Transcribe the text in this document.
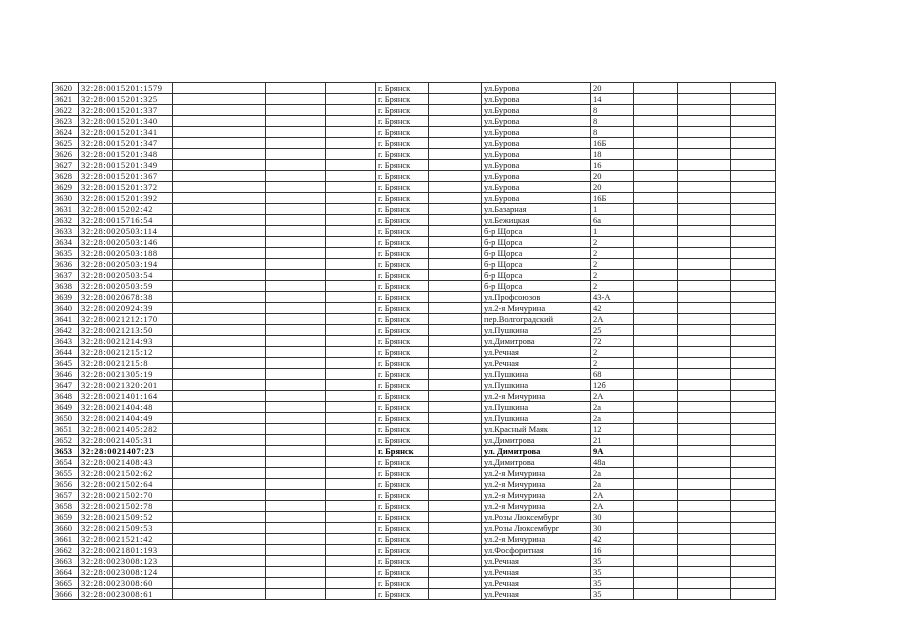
3620	32:28:0015201:1579				г. Брянск		ул.Бурова	20			
3621	32:28:0015201:325				г. Брянск		ул.Бурова	14			
3622	32:28:0015201:337				г. Брянск		ул.Бурова	8			
3623	32:28:0015201:340				г. Брянск		ул.Бурова	8			
3624	32:28:0015201:341				г. Брянск		ул.Бурова	8			
3625	32:28:0015201:347				г. Брянск		ул.Бурова	16Б			
3626	32:28:0015201:348				г. Брянск		ул.Бурова	18			
3627	32:28:0015201:349				г. Брянск		ул.Бурова	16			
3628	32:28:0015201:367				г. Брянск		ул.Бурова	20			
3629	32:28:0015201:372				г. Брянск		ул.Бурова	20			
3630	32:28:0015201:392				г. Брянск		ул.Бурова	16Б			
3631	32:28:0015202:42				г. Брянск		ул.Базарная	1			
3632	32:28:0015716:54				г. Брянск		ул.Бежицкая	6а			
3633	32:28:0020503:114				г. Брянск		б-р Щорса	1			
3634	32:28:0020503:146				г. Брянск		б-р Щорса	2			
3635	32:28:0020503:188				г. Брянск		б-р Щорса	2			
3636	32:28:0020503:194				г. Брянск		б-р Щорса	2			
3637	32:28:0020503:54				г. Брянск		б-р Щорса	2			
3638	32:28:0020503:59				г. Брянск		б-р Щорса	2			
3639	32:28:0020678:38				г. Брянск		ул.Профсоюзов	43-А			
3640	32:28:0020924:39				г. Брянск		ул.2-я Мичурина	42			
3641	32:28:0021212:170				г. Брянск		пер.Волгоградский	2А			
3642	32:28:0021213:50				г. Брянск		ул.Пушкина	25			
3643	32:28:0021214:93				г. Брянск		ул.Димитрова	72			
3644	32:28:0021215:12				г. Брянск		ул.Речная	2			
3645	32:28:0021215:8				г. Брянск		ул.Речная	2			
3646	32:28:0021305:19				г. Брянск		ул.Пушкина	68			
3647	32:28:0021320:201				г. Брянск		ул.Пушкина	12б			
3648	32:28:0021401:164				г. Брянск		ул.2-я Мичурина	2А			
3649	32:28:0021404:48				г. Брянск		ул.Пушкина	2а			
3650	32:28:0021404:49				г. Брянск		ул.Пушкина	2а			
3651	32:28:0021405:282				г. Брянск		ул.Красный Маяк	12			
3652	32:28:0021405:31				г. Брянск		ул.Димитрова	21			
3653	32:28:0021407:23				г. Брянск		ул. Димитрова	9А			
3654	32:28:0021408:43				г. Брянск		ул.Димитрова	48а			
3655	32:28:0021502:62				г. Брянск		ул.2-я Мичурина	2а			
3656	32:28:0021502:64				г. Брянск		ул.2-я Мичурина	2а			
3657	32:28:0021502:70				г. Брянск		ул.2-я Мичурина	2А			
3658	32:28:0021502:78				г. Брянск		ул.2-я Мичурина	2А			
3659	32:28:0021509:52				г. Брянск		ул.Розы Люксембург	30			
3660	32:28:0021509:53				г. Брянск		ул.Розы Люксембург	30			
3661	32:28:0021521:42				г. Брянск		ул.2-я Мичурина	42			
3662	32:28:0021801:193				г. Брянск		ул.Фосфоритная	16			
3663	32:28:0023008:123				г. Брянск		ул.Речная	35			
3664	32:28:0023008:124				г. Брянск		ул.Речная	35			
3665	32:28:0023008:60				г. Брянск		ул.Речная	35			
3666	32:28:0023008:61				г. Брянск		ул.Речная	35			
